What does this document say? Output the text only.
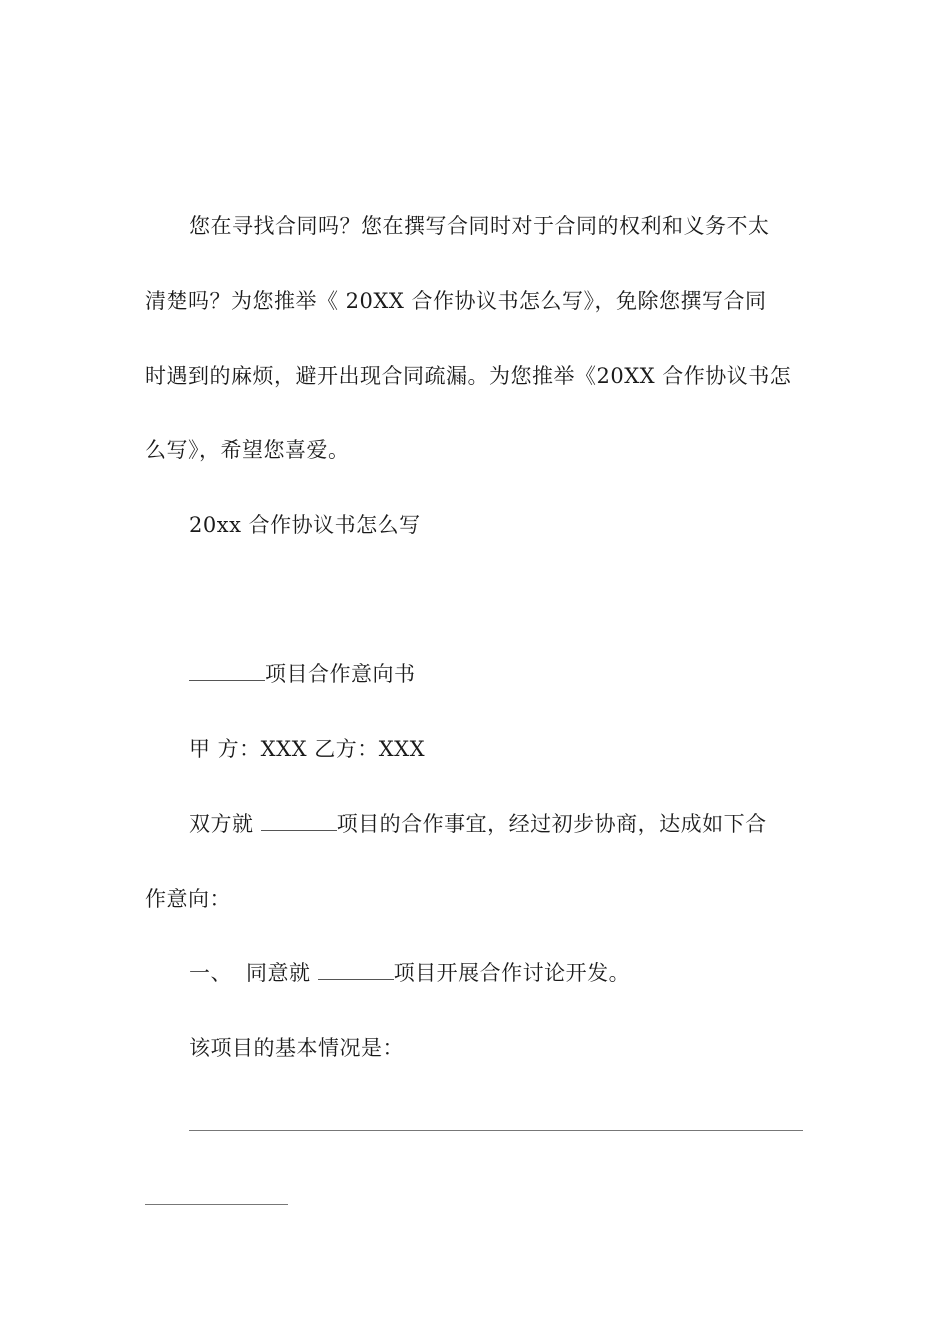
您在寻找合同吗？您在撰写合同时对于合同的权利和义务不太
清楚吗？为您推举《 20XX 合作协议书怎么写》，免除您撰写合同
时遇到的麻烦，避开出现合同疏漏。为您推举《20XX 合作协议书怎
么写》，希望您喜爱。
20xx 合作协议书怎么写
项目合作意向书
甲 方：XXX 乙方：XXX
双方就	项目的合作事宜，经过初步协商，达成如下合
作意向：
一、 同意就	项目开展合作讨论开发。
该项目的基本情况是：
